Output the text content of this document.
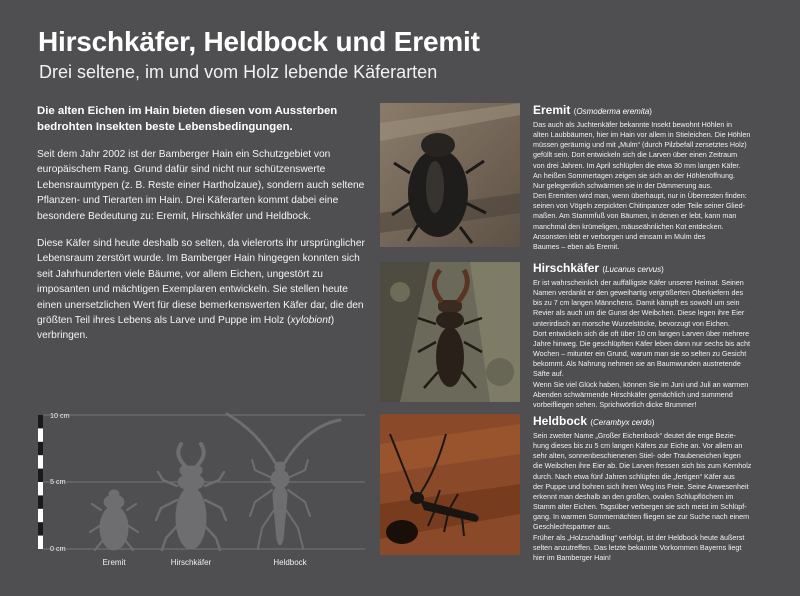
Hirschkäfer, Heldbock und Eremit
Drei seltene, im und vom Holz lebende Käferarten

Die alten Eichen im Hain bieten diesen vom Aussterben bedrohten Insekten beste Lebensbedingungen.

Seit dem Jahr 2002 ist der Bamberger Hain ein Schutzgebiet von europäischem Rang. Grund dafür sind nicht nur schützenswerte Lebensraumtypen (z. B. Reste einer Hartholzaue), sondern auch seltene Pflanzen- und Tierarten im Hain. Drei Käferarten kommt dabei eine besondere Bedeutung zu: Eremit, Hirschkäfer und Heldbock.

Diese Käfer sind heute deshalb so selten, da vielerorts ihr ursprünglicher Lebensraum zerstört wurde. Im Bamberger Hain hingegen konnten sich seit Jahrhunderten viele Bäume, vor allem Eichen, ungestört zu imposanten und mächtigen Exemplaren entwickeln. Sie stellen heute einen unersetzlichen Wert für diese bemerkenswerten Käfer dar, die den größten Teil ihres Lebens als Larve und Puppe im Holz (xylobiont) verbringen.

10 cm
5 cm
0 cm
Eremit	Hirschkäfer	Heldbock
Eremit (Osmoderma eremita)

Das auch als Juchtenkäfer bekannte Insekt bewohnt Höhlen in

alten Laubbäumen, hier im Hain vor allem in Stieleichen. Die Höhlen

müssen geräumig und mit „Mulm“ (durch Pilzbefall zersetztes Holz)

gefüllt sein. Dort entwickeln sich die Larven über einen Zeitraum

von drei Jahren. Im April schlüpfen die etwa 30 mm langen Käfer.

An heißen Sommertagen zeigen sie sich an der Höhlenöffnung.

Nur gelegentlich schwärmen sie in der Dämmerung aus.

Den Eremiten wird man, wenn überhaupt, nur in Überresten finden:

seinen von Vögeln zerpickten Chitinpanzer oder Teile seiner Glied-

maßen. Am Stammfuß von Bäumen, in denen er lebt, kann man

manchmal den krümeligen, mäuseähnlichen Kot entdecken.

Ansonsten lebt er verborgen und einsam im Mulm des

Baumes – eben als Eremit.

Hirschkäfer (Lucanus cervus)

Er ist wahrscheinlich der auffälligste Käfer unserer Heimat. Seinen

Namen verdankt er den geweihartig vergrößerten Oberkiefern des

bis zu 7 cm langen Männchens. Damit kämpft es sowohl um sein

Revier als auch um die Gunst der Weibchen. Diese legen ihre Eier

unterirdisch an morsche Wurzelstöcke, bevorzugt von Eichen.

Dort entwickeln sich die oft über 10 cm langen Larven über mehrere

Jahre hinweg. Die geschlüpften Käfer leben dann nur sechs bis acht

Wochen – mitunter ein Grund, warum man sie so selten zu Gesicht

bekommt. Als Nahrung nehmen sie an Baumwunden austretende

Säfte auf.

Wenn Sie viel Glück haben, können Sie im Juni und Juli an warmen

Abenden schwärmende Hirschkäfer gemächlich und summend

vorbeifliegen sehen. Sprichwörtlich dicke Brummer!

Heldbock (Cerambyx cerdo)

Sein zweiter Name „Großer Eichenbock“ deutet die enge Bezie-

hung dieses bis zu 5 cm langen Käfers zur Eiche an. Vor allem an

sehr alten, sonnenbeschienenen Stiel- oder Traubeneichen legen

die Weibchen ihre Eier ab. Die Larven fressen sich bis zum Kernholz

durch. Nach etwa fünf Jahren schlüpfen die „fertigen“ Käfer aus

der Puppe und bohren sich ihren Weg ins Freie. Seine Anwesenheit

erkennt man deshalb an den großen, ovalen Schlupflöchern im

Stamm alter Eichen. Tagsüber verbergen sie sich meist im Schlüpf-

gang. In warmen Sommernächten fliegen sie zur Suche nach einem

Geschlechtspartner aus.

Früher als „Holzschädling“ verfolgt, ist der Heldbock heute äußerst

selten anzutreffen. Das letzte bekannte Vorkommen Bayerns liegt

hier im Bamberger Hain!
